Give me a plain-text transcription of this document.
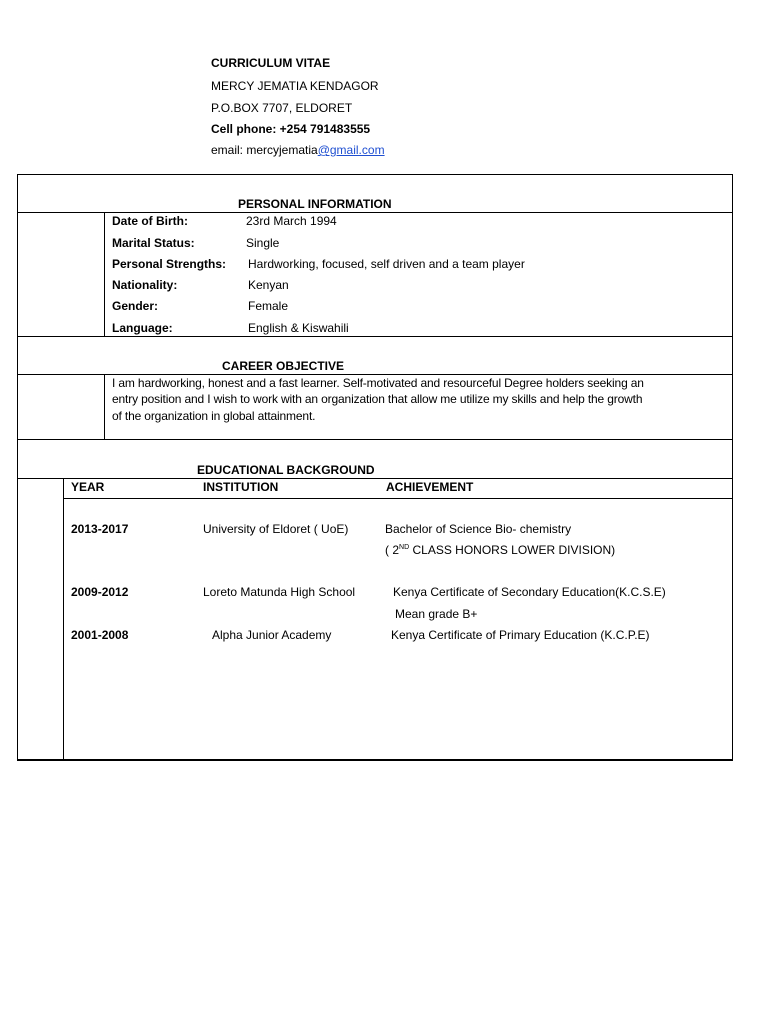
CURRICULUM VITAE
MERCY JEMATIA KENDAGOR
P.O.BOX 7707, ELDORET
Cell phone: +254 791483555
email: mercyjematia@gmail.com
PERSONAL INFORMATION
Date of Birth:	23rd March 1994
Marital Status:	Single
Personal Strengths: Hardworking, focused, self driven and a team player
Nationality:	Kenyan
Gender:	Female
Language:	English & Kiswahili
CAREER OBJECTIVE
I am hardworking, honest and a fast learner. Self-motivated and resourceful Degree holders seeking an
entry position and I wish to work with an organization that allow me utilize my skills and help the growth
of the organization in global attainment.
EDUCATIONAL BACKGROUND
YEAR	INSTITUTION	ACHIEVEMENT
2013-2017	University of Eldoret ( UoE)	Bachelor of Science Bio- chemistry
( 2ND CLASS HONORS LOWER DIVISION)
2009-2012	Loreto Matunda High School	Kenya Certificate of Secondary Education(K.C.S.E)
Mean grade B+
2001-2008	Alpha Junior Academy	Kenya Certificate of Primary Education (K.C.P.E)
